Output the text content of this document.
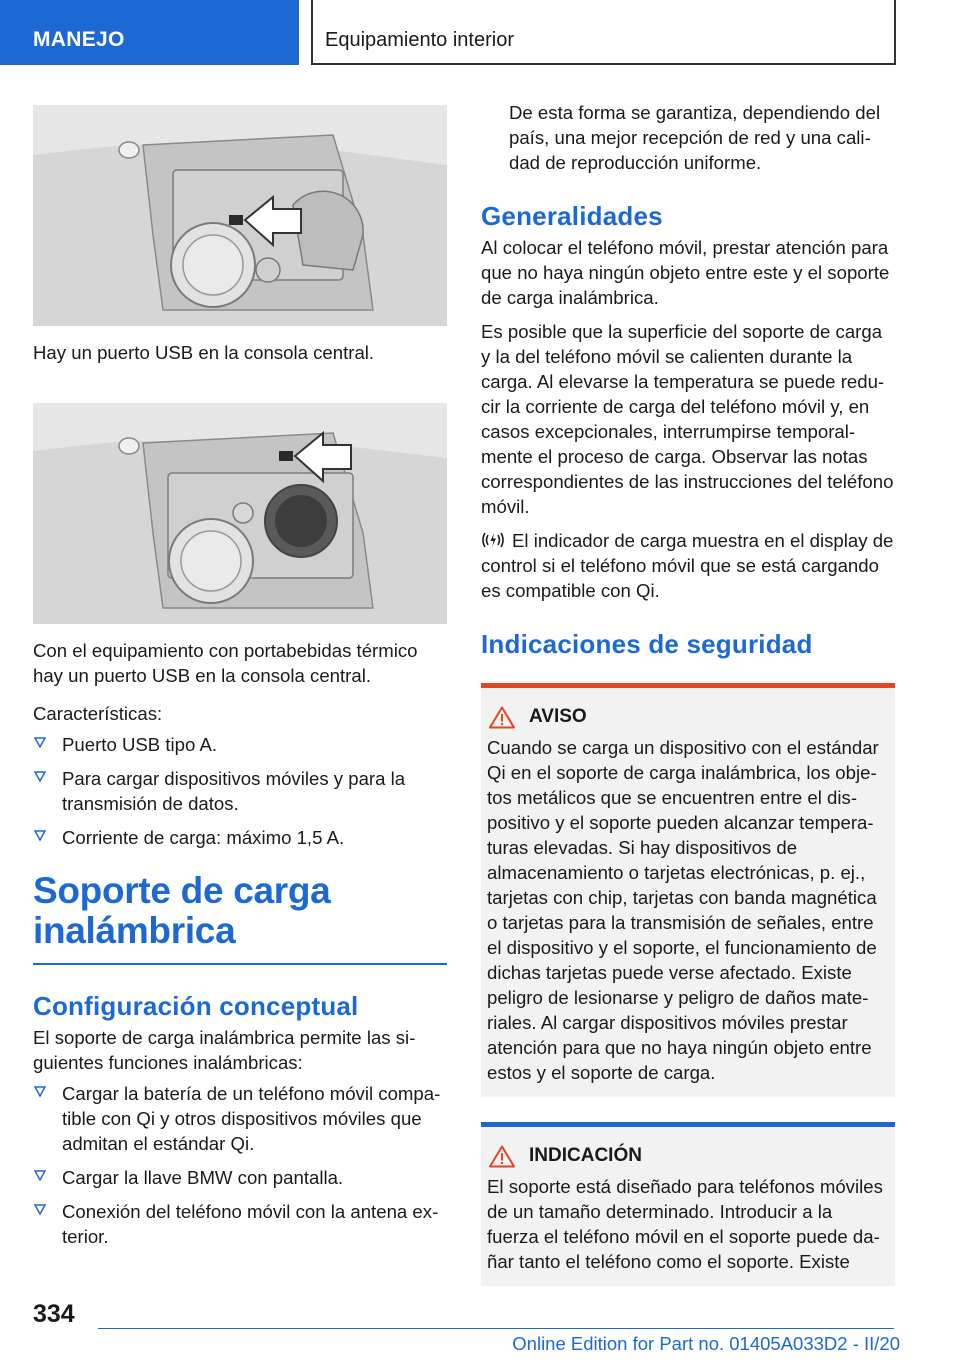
MANEJO	Equipamiento interior

Hay un puerto USB en la consola central.

Con el equipamiento con portabebidas térmico hay un puerto USB en la consola central.

Características:

Puerto USB tipo A.
Para cargar dispositivos móviles y para la transmisión de datos.
Corriente de carga: máximo 1,5 A.
Soporte de carga inalámbrica
Configuración conceptual

El soporte de carga inalámbrica permite las siguientes funciones inalámbricas:

Cargar la batería de un teléfono móvil compatible con Qi y otros dispositivos móviles que admitan el estándar Qi.
Cargar la llave BMW con pantalla.
Conexión del teléfono móvil con la antena exterior.

De esta forma se garantiza, dependiendo del país, una mejor recepción de red y una calidad de reproducción uniforme.

Generalidades

Al colocar el teléfono móvil, prestar atención para que no haya ningún objeto entre este y el soporte de carga inalámbrica.

Es posible que la superficie del soporte de carga y la del teléfono móvil se calienten durante la carga. Al elevarse la temperatura se puede reducir la corriente de carga del teléfono móvil y, en casos excepcionales, interrumpirse temporalmente el proceso de carga. Observar las notas correspondientes de las instrucciones del teléfono móvil.

El indicador de carga muestra en el display de control si el teléfono móvil que se está cargando es compatible con Qi.

Indicaciones de seguridad
AVISO

Cuando se carga un dispositivo con el estándar Qi en el soporte de carga inalámbrica, los objetos metálicos que se encuentren entre el dispositivo y el soporte pueden alcanzar temperaturas elevadas. Si hay dispositivos de almacenamiento o tarjetas electrónicas, p. ej., tarjetas con chip, tarjetas con banda magnética o tarjetas para la transmisión de señales, entre el dispositivo y el soporte, el funcionamiento de dichas tarjetas puede verse afectado. Existe peligro de lesionarse y peligro de daños materiales. Al cargar dispositivos móviles prestar atención para que no haya ningún objeto entre estos y el soporte de carga.

INDICACIÓN

El soporte está diseñado para teléfonos móviles de un tamaño determinado. Introducir a la fuerza el teléfono móvil en el soporte puede dañar tanto el teléfono como el soporte. Existe

334
Online Edition for Part no. 01405A033D2 - II/20
